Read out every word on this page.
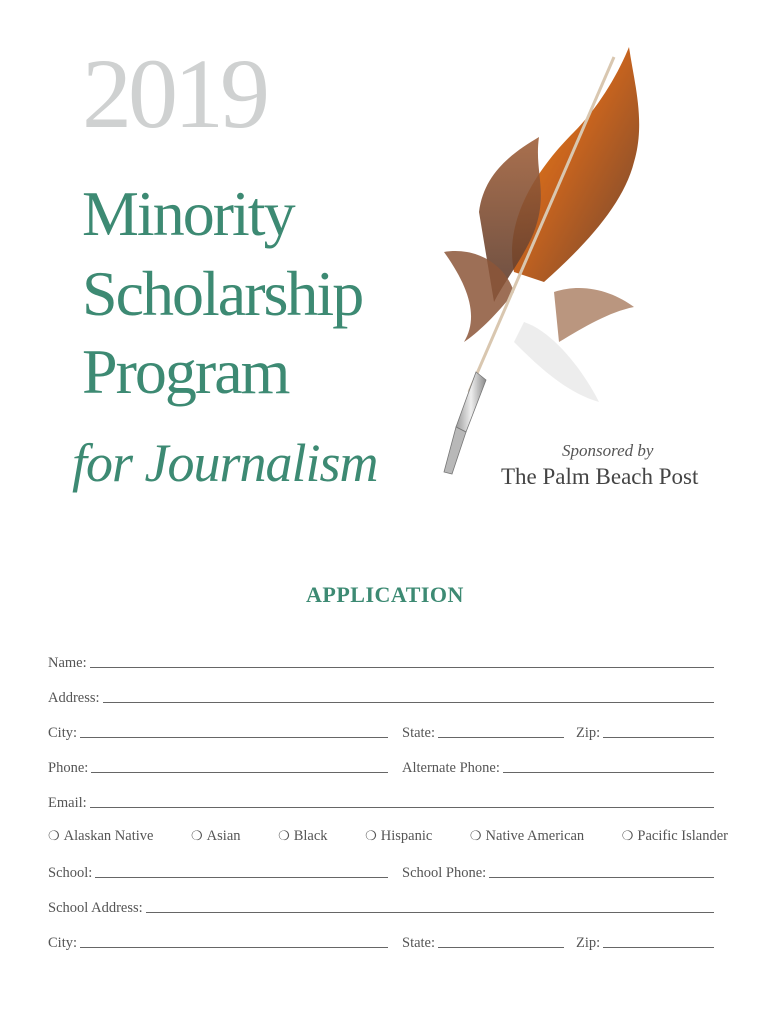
2019
Minority
Scholarship
Program
for Journalism	Sponsored by
The Palm Beach Post
APPLICATION
Name:
Address:
City:	State:	Zip:
Phone:	Alternate Phone:
Email:
❍ Alaskan Native	❍ Asian	❍ Black	❍ Hispanic	❍ Native American	❍ Pacific Islander
School:	School Phone:
School Address:
City:	State:	Zip:
